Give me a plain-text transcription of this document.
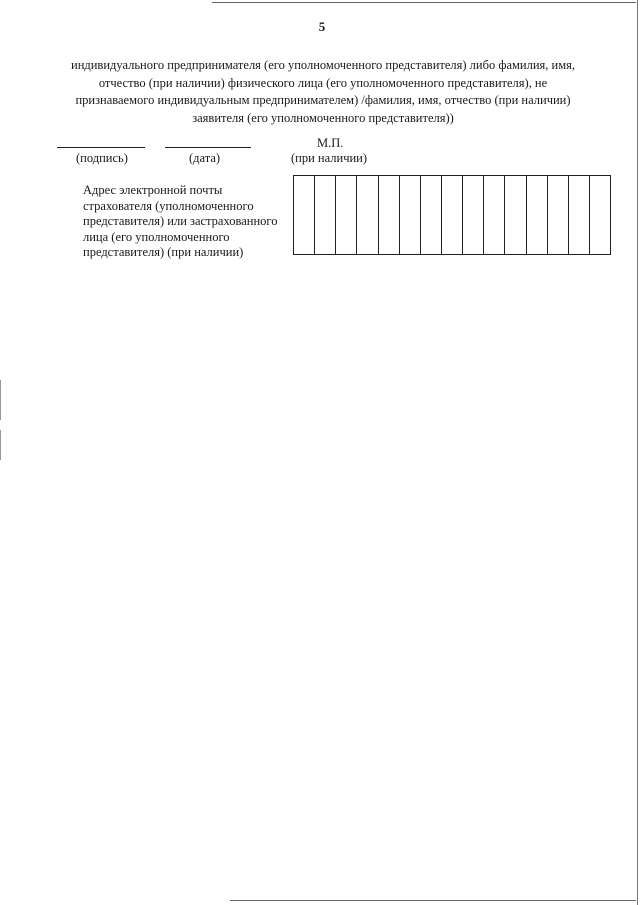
5
индивидуального предпринимателя (его уполномоченного представителя) либо фамилия, имя,
отчество (при наличии) физического лица (его уполномоченного представителя), не
признаваемого индивидуальным предпринимателем) /фамилия, имя, отчество (при наличии)
заявителя (его уполномоченного представителя))
(подпись)	(дата)
М.П.
(при наличии)
Адрес электронной почты
страхователя (уполномоченного
представителя) или застрахованного
лица (его уполномоченного
представителя) (при наличии)
